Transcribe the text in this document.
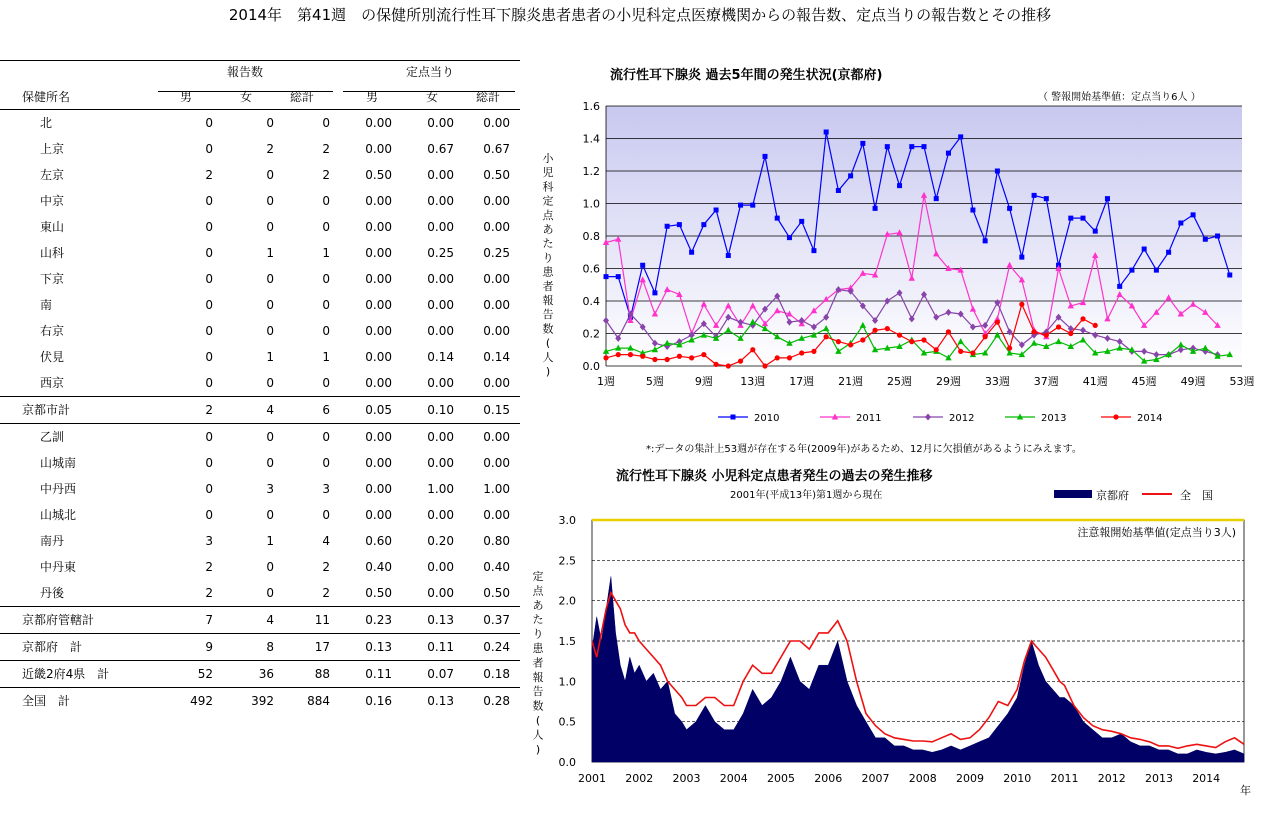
2014年　第41週　の保健所別流行性耳下腺炎患者患者の小児科定点医療機関からの報告数、定点当りの報告数とその推移
報告数	定点当り
保健所名	男	女	総計	男	女	総計
北	0	0	0	0.00	0.00	0.00
上京	0	2	2	0.00	0.67	0.67
左京	2	0	2	0.50	0.00	0.50
中京	0	0	0	0.00	0.00	0.00
東山	0	0	0	0.00	0.00	0.00
山科	0	1	1	0.00	0.25	0.25
下京	0	0	0	0.00	0.00	0.00
南	0	0	0	0.00	0.00	0.00
右京	0	0	0	0.00	0.00	0.00
伏見	0	1	1	0.00	0.14	0.14
西京	0	0	0	0.00	0.00	0.00
京都市計	2	4	6	0.05	0.10	0.15
乙訓	0	0	0	0.00	0.00	0.00
山城南	0	0	0	0.00	0.00	0.00
中丹西	0	3	3	0.00	1.00	1.00
山城北	0	0	0	0.00	0.00	0.00
南丹	3	1	4	0.60	0.20	0.80
中丹東	2	0	2	0.40	0.00	0.40
丹後	2	0	2	0.50	0.00	0.50
京都府管轄計	7	4	11	0.23	0.13	0.37
京都府　計	9	8	17	0.13	0.11	0.24
近畿2府4県　計	52	36	88	0.11	0.07	0.18
全国　計	492	392	884	0.16	0.13	0.28
流行性耳下腺炎 過去5年間の発生状況(京都府)
（ 警報開始基準値：定点当り6人 ）
0.0
0.2
0.4
0.6
0.8
1.0
1.2
1.4
1.6
1週	5週	9週 13週 17週 21週 25週 29週 33週 37週 41週 45週 49週 53週
小
児
科
定
点
あ
た
り
患
者
報
告
数
(
人
)
2010	2011	2012	2013	2014
*:データの集計上53週が存在する年(2009年)があるため、12月に欠損値があるようにみえます。
流行性耳下腺炎 小児科定点患者発生の過去の発生推移
2001年(平成13年)第1週から現在	京都府	全　国
0.0
0.5
1.0
1.5
2.0
2.5
3.0
注意報開始基準値(定点当り3人)
2001 2002 2003 2004 2005 2006 2007 2008 2009 2010 2011 2012 2013 2014
定
点
あ
た
り
患
者
報
告
数
(
人
)
年
